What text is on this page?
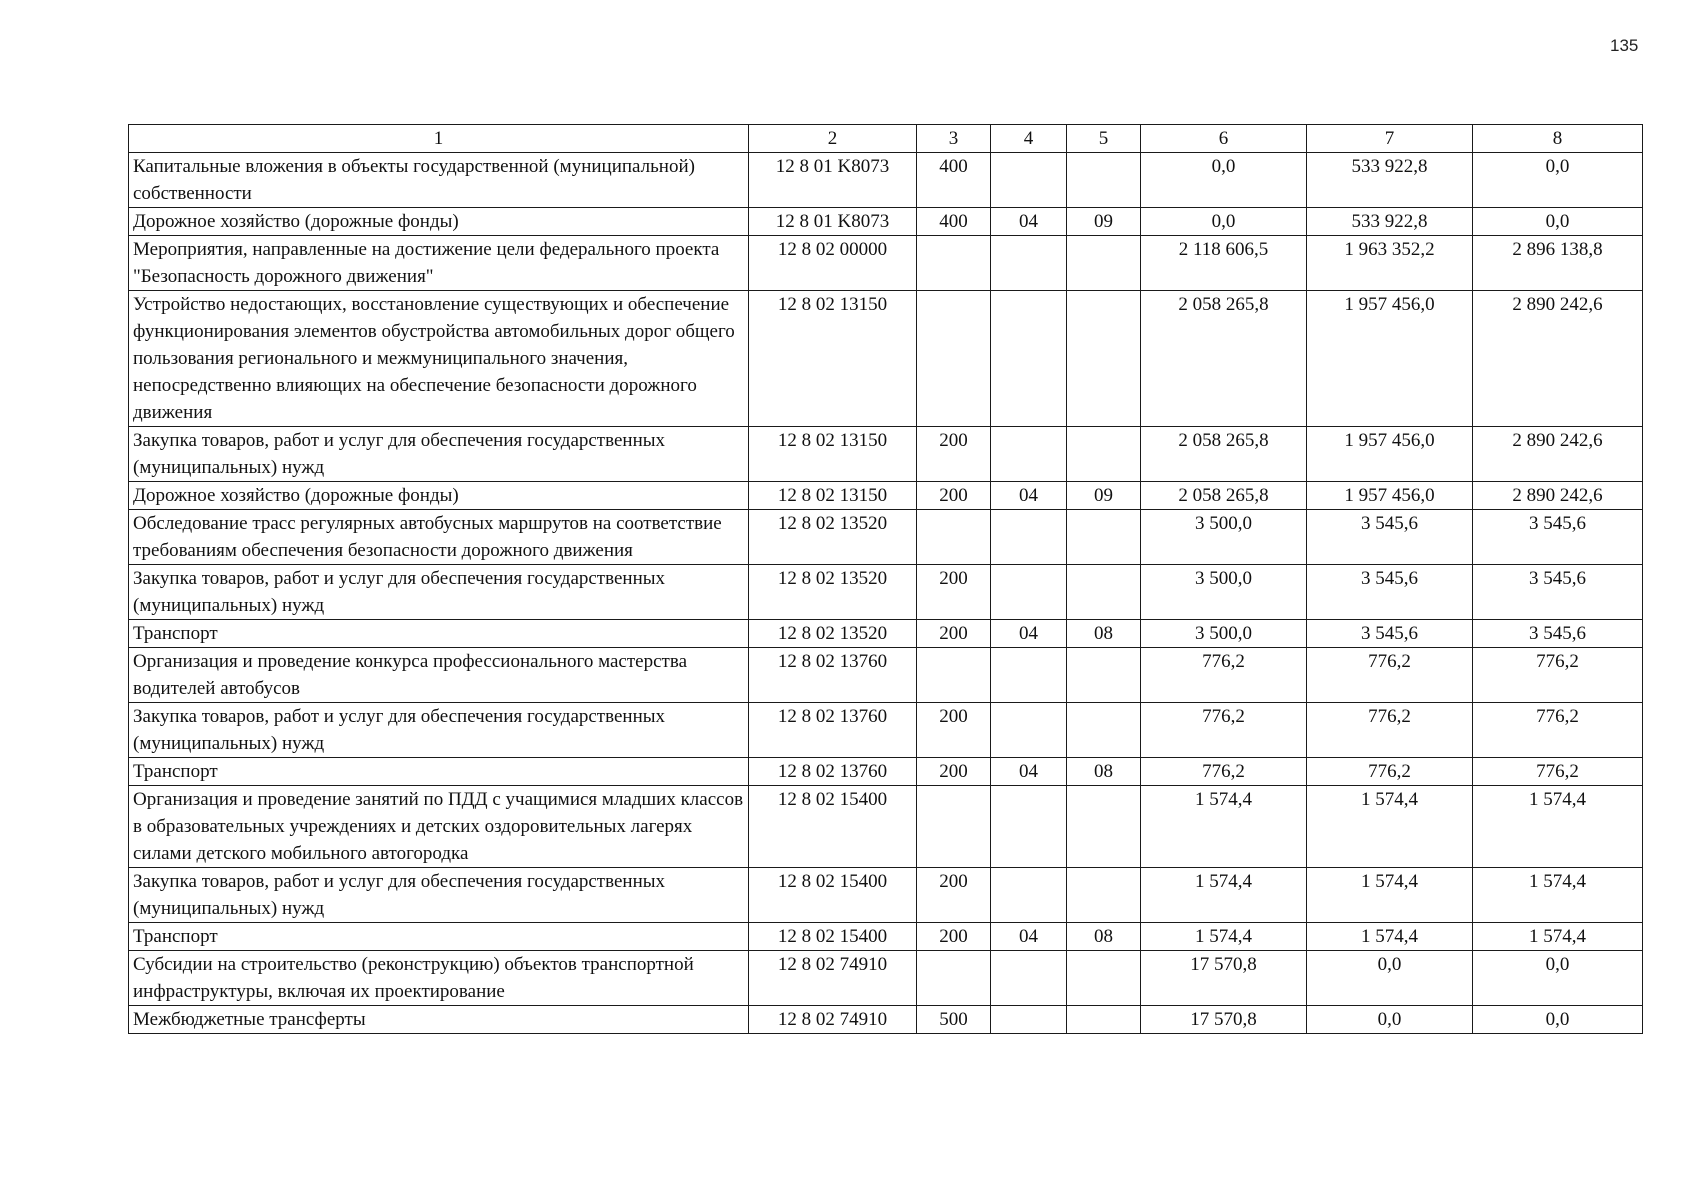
135
1	2	3	4	5	6	7	8
Капитальные вложения в объекты государственной (муниципальной) собственности	12 8 01 K8073	400			0,0	533 922,8	0,0
Дорожное хозяйство (дорожные фонды)	12 8 01 K8073	400	04	09	0,0	533 922,8	0,0
Мероприятия, направленные на достижение цели федерального проекта "Безопасность дорожного движения"	12 8 02 00000				2 118 606,5	1 963 352,2	2 896 138,8
Устройство недостающих, восстановление существующих и обеспечение функционирования элементов обустройства автомобильных дорог общего пользования регионального и межмуниципального значения, непосредственно влияющих на обеспечение безопасности дорожного движения	12 8 02 13150				2 058 265,8	1 957 456,0	2 890 242,6
Закупка товаров, работ и услуг для обеспечения государственных (муниципальных) нужд	12 8 02 13150	200			2 058 265,8	1 957 456,0	2 890 242,6
Дорожное хозяйство (дорожные фонды)	12 8 02 13150	200	04	09	2 058 265,8	1 957 456,0	2 890 242,6
Обследование трасс регулярных автобусных маршрутов на соответствие требованиям обеспечения безопасности дорожного движения	12 8 02 13520				3 500,0	3 545,6	3 545,6
Закупка товаров, работ и услуг для обеспечения государственных (муниципальных) нужд	12 8 02 13520	200			3 500,0	3 545,6	3 545,6
Транспорт	12 8 02 13520	200	04	08	3 500,0	3 545,6	3 545,6
Организация и проведение конкурса профессионального мастерства водителей автобусов	12 8 02 13760				776,2	776,2	776,2
Закупка товаров, работ и услуг для обеспечения государственных (муниципальных) нужд	12 8 02 13760	200			776,2	776,2	776,2
Транспорт	12 8 02 13760	200	04	08	776,2	776,2	776,2
Организация и проведение занятий по ПДД с учащимися младших классов в образовательных учреждениях и детских оздоровительных лагерях силами детского мобильного автогородка	12 8 02 15400				1 574,4	1 574,4	1 574,4
Закупка товаров, работ и услуг для обеспечения государственных (муниципальных) нужд	12 8 02 15400	200			1 574,4	1 574,4	1 574,4
Транспорт	12 8 02 15400	200	04	08	1 574,4	1 574,4	1 574,4
Субсидии на строительство (реконструкцию) объектов транспортной инфраструктуры, включая их проектирование	12 8 02 74910				17 570,8	0,0	0,0
Межбюджетные трансферты	12 8 02 74910	500			17 570,8	0,0	0,0
